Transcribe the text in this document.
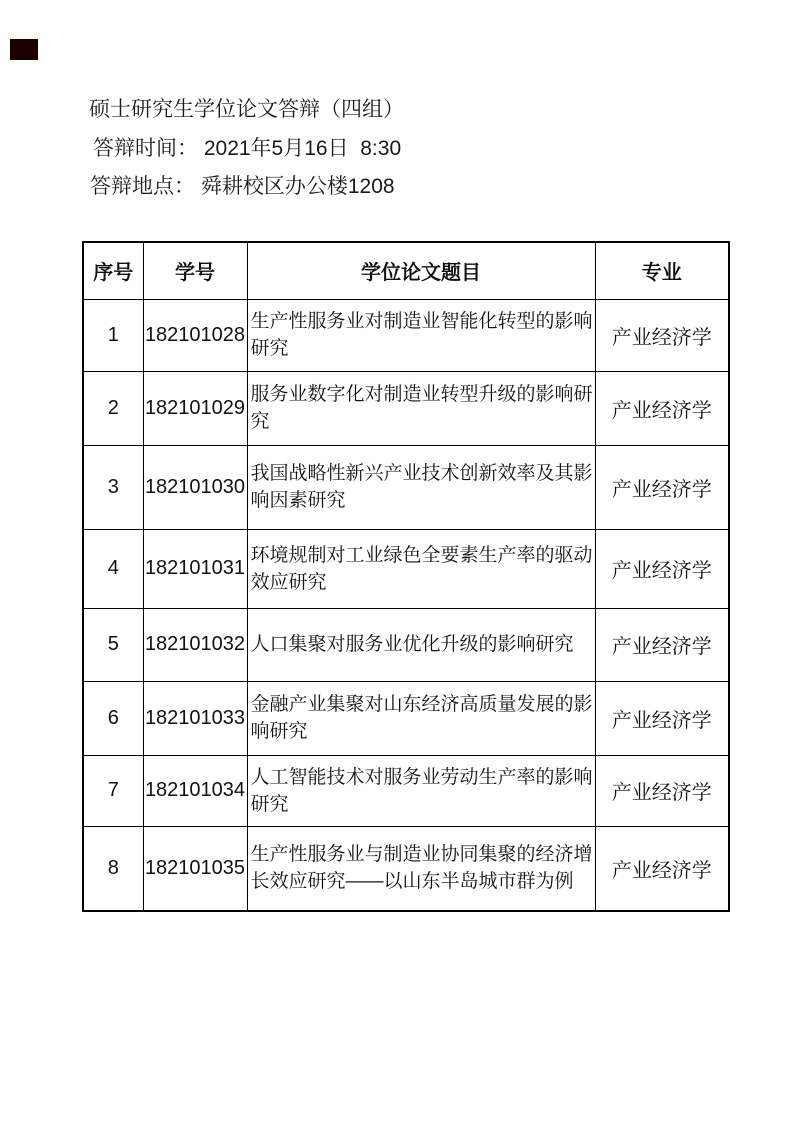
硕士研究生学位论文答辩（四组）
答辩时间： 2021年5月16日  8:30
答辩地点： 舜耕校区办公楼1208
序号	学号	学位论文题目	专业
1	182101028	生产性服务业对制造业智能化转型的影响研究	产业经济学
2	182101029	服务业数字化对制造业转型升级的影响研究	产业经济学
3	182101030	我国战略性新兴产业技术创新效率及其影响因素研究	产业经济学
4	182101031	环境规制对工业绿色全要素生产率的驱动效应研究	产业经济学
5	182101032	人口集聚对服务业优化升级的影响研究	产业经济学
6	182101033	金融产业集聚对山东经济高质量发展的影响研究	产业经济学
7	182101034	人工智能技术对服务业劳动生产率的影响研究	产业经济学
8	182101035	生产性服务业与制造业协同集聚的经济增长效应研究——以山东半岛城市群为例	产业经济学
